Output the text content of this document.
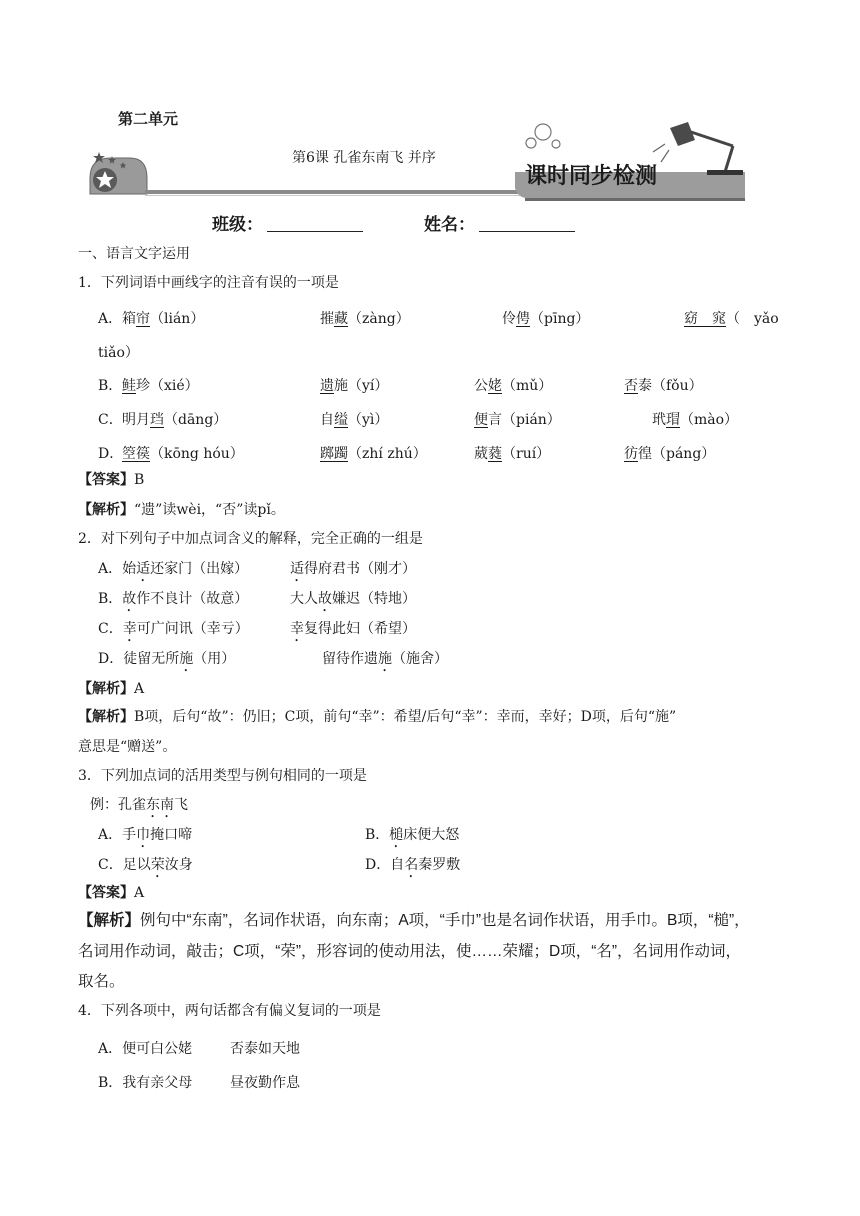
第二单元
课时同步检测
第6课 孔雀东南飞 并序
班级：	姓名：
一、语言文字运用
1．下列词语中画线字的注音有误的一项是
A． 箱帘（lián）	摧藏（zàng）	伶俜（pīng）	窈　窕（　yǎo
tiǎo）
B． 鲑珍（xié）	遗施（yí）	公姥（mǔ）	否泰（fǒu）
C． 明月珰（dāng）	自缢（yì）	便言（pián）	玳瑁（mào）
D．
箜篌（kōng hóu）	踯躅（zhí zhú）	葳蕤（ruí）	彷徨（páng）
【答案】B
【解析】“遗”读wèi，“否”读pǐ。
2．对下列句子中加点词含义的解释，完全正确的一组是
A．始适还家门（出嫁）	适得府君书（刚才）
B．故作不良计（故意）	大人故嫌迟（特地）
C．幸可广问讯（幸亏）	幸复得此妇（希望）
D．徒留无所施（用）	留待作遗施（施舍）
【解析】A
【解析】B项，后句“故”：仍旧；C项，前句“幸”：希望/后句“幸”：幸而，幸好；D项，后句“施”
意思是“赠送”。
3．下列加点词的活用类型与例句相同的一项是
例：孔雀东南飞
A．手巾掩口啼	B．槌床便大怒
C．足以荣汝身	D．自名秦罗敷
【答案】A
【解析】例句中“东南”，名词作状语，向东南；A项，“手巾”也是名词作状语，用手巾。B项，“槌”，
名词用作动词，敲击；C项，“荣”，形容词的使动用法，使……荣耀；D项，“名”，名词用作动词，
取名。
4．下列各项中，两句话都含有偏义复词的一项是
A．便可白公姥	否泰如天地
B．我有亲父母	昼夜勤作息
